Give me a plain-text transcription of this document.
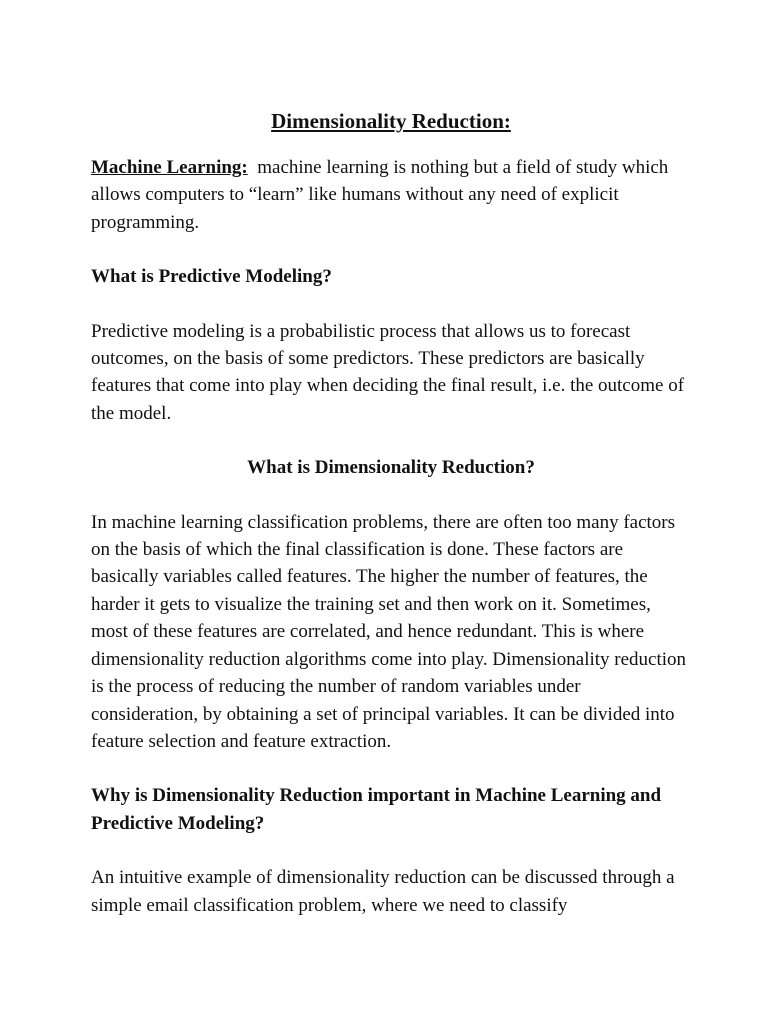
Dimensionality Reduction:

Machine Learning: machine learning is nothing but a field of study which allows computers to “learn” like humans without any need of explicit programming.

What is Predictive Modeling?

Predictive modeling is a probabilistic process that allows us to forecast outcomes, on the basis of some predictors. These predictors are basically features that come into play when deciding the final result, i.e. the outcome of the model.

What is Dimensionality Reduction?

In machine learning classification problems, there are often too many factors on the basis of which the final classification is done. These factors are basically variables called features. The higher the number of features, the harder it gets to visualize the training set and then work on it. Sometimes, most of these features are correlated, and hence redundant. This is where dimensionality reduction algorithms come into play. Dimensionality reduction is the process of reducing the number of random variables under consideration, by obtaining a set of principal variables. It can be divided into feature selection and feature extraction.

Why is Dimensionality Reduction important in Machine Learning and Predictive Modeling?

An intuitive example of dimensionality reduction can be discussed through a simple email classification problem, where we need to classify
